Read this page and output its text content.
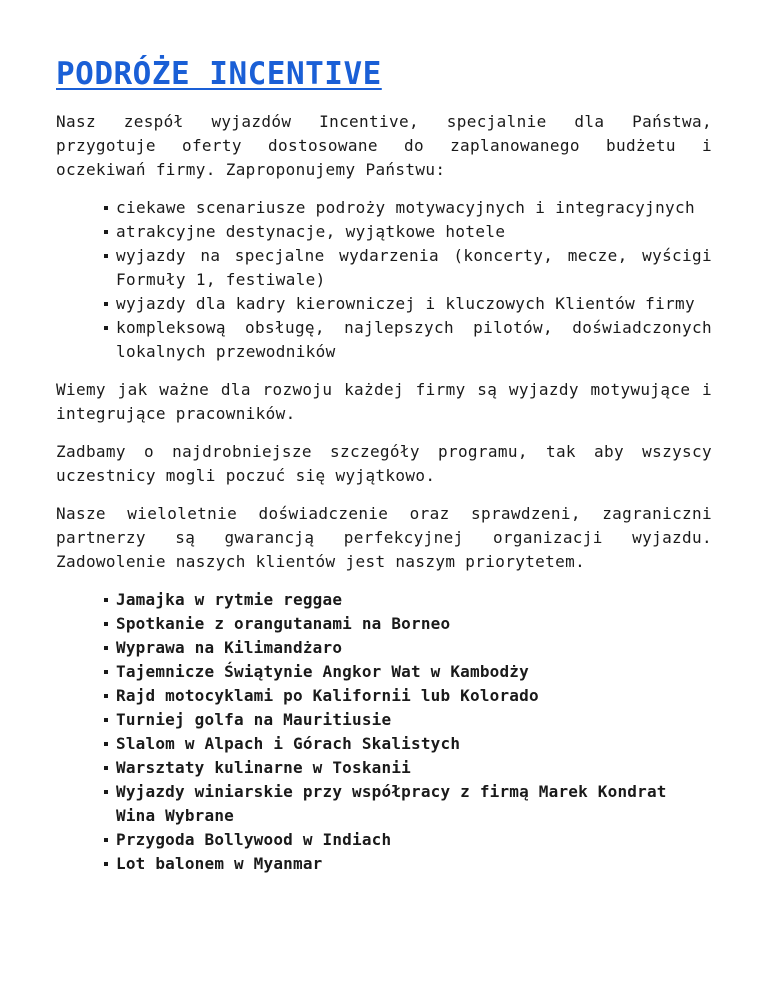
PODRÓŻE INCENTIVE

Nasz zespół wyjazdów Incentive, specjalnie dla Państwa, przygotuje oferty dostosowane do zaplanowanego budżetu i oczekiwań firmy. Zaproponujemy Państwu:

ciekawe scenariusze podroży motywacyjnych i integracyjnych
atrakcyjne destynacje, wyjątkowe hotele
wyjazdy na specjalne wydarzenia (koncerty, mecze, wyścigi Formuły 1, festiwale)
wyjazdy dla kadry kierowniczej i kluczowych Klientów firmy
kompleksową obsługę, najlepszych pilotów, doświadczonych lokalnych przewodników

Wiemy jak ważne dla rozwoju każdej firmy są wyjazdy motywujące i integrujące pracowników.

Zadbamy o najdrobniejsze szczegóły programu, tak aby wszyscy uczestnicy mogli poczuć się wyjątkowo.

Nasze wieloletnie doświadczenie oraz sprawdzeni, zagraniczni partnerzy są gwarancją perfekcyjnej organizacji wyjazdu. Zadowolenie naszych klientów jest naszym priorytetem.

Jamajka w rytmie reggae
Spotkanie z orangutanami na Borneo
Wyprawa na Kilimandżaro
Tajemnicze Świątynie Angkor Wat w Kambodży
Rajd motocyklami po Kalifornii lub Kolorado
Turniej golfa na Mauritiusie
Slalom w Alpach i Górach Skalistych
Warsztaty kulinarne w Toskanii
Wyjazdy winiarskie przy współpracy z firmą Marek Kondrat Wina Wybrane
Przygoda Bollywood w Indiach
Lot balonem w Myanmar
